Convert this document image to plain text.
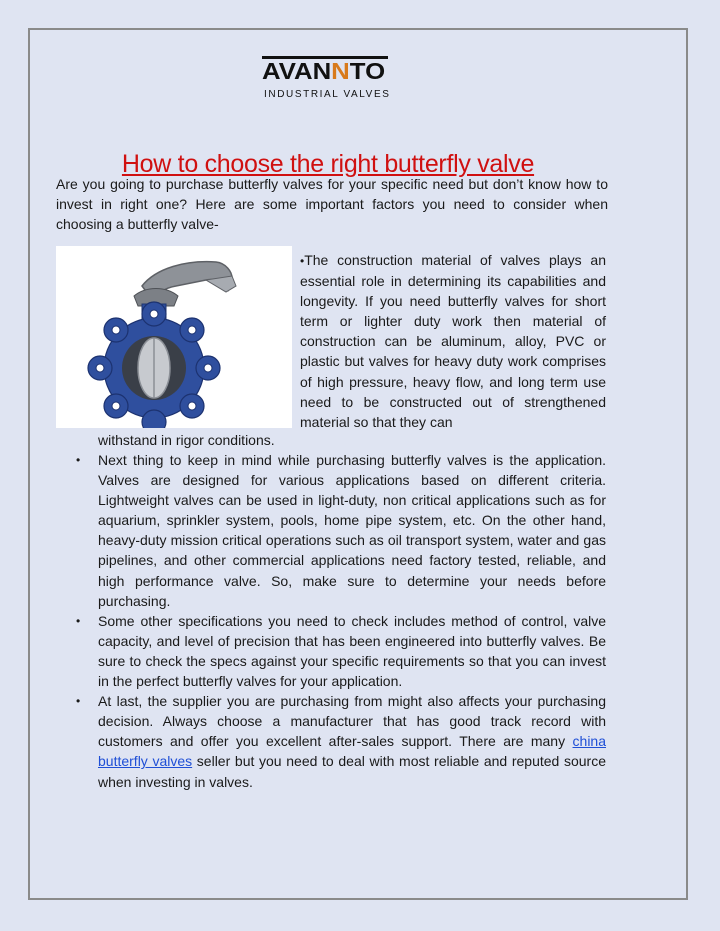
AVANNTO
INDUSTRIAL VALVES
How to choose the right butterfly valve
Are you going to purchase butterfly valves for your specific need but don’t know how to invest in right one? Here are some important factors you need to consider when choosing a butterfly valve-
•The construction material of valves plays an essential role in determining its capabilities and longevity. If you need butterfly valves for short term or lighter duty work then material of construction can be aluminum, alloy, PVC or plastic but valves for heavy duty work comprises of high pressure, heavy flow, and long term use need to be constructed out of strengthened material so that they can
withstand in rigor conditions.
• Next thing to keep in mind while purchasing butterfly valves is the application. Valves are designed for various applications based on different criteria. Lightweight valves can be used in light-duty, non critical applications such as for aquarium, sprinkler system, pools, home pipe system, etc. On the other hand, heavy-duty mission critical operations such as oil transport system, water and gas pipelines, and other commercial applications need factory tested, reliable, and high performance valve. So, make sure to determine your needs before purchasing.
• Some other specifications you need to check includes method of control, valve capacity, and level of precision that has been engineered into butterfly valves. Be sure to check the specs against your specific requirements so that you can invest in the perfect butterfly valves for your application.
• At last, the supplier you are purchasing from might also affects your purchasing decision. Always choose a manufacturer that has good track record with customers and offer you excellent after-sales support. There are many china butterfly valves seller but you need to deal with most reliable and reputed source when investing in valves.
